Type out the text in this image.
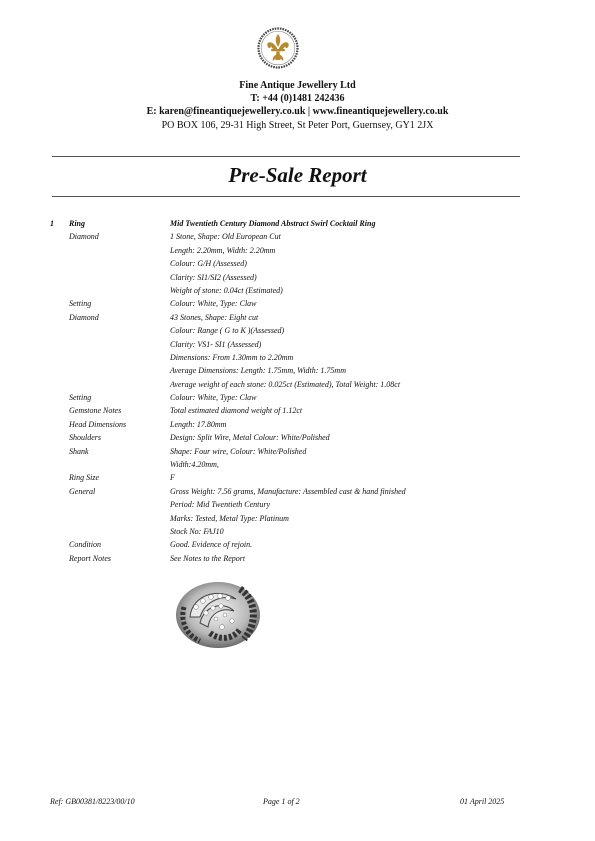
Fine Antique Jewellery Ltd
T: +44 (0)1481 242436
E: karen@fineantiquejewellery.co.uk | www.fineantiquejewellery.co.uk
PO BOX 106, 29-31 High Street, St Peter Port, Guernsey, GY1 2JX
Pre-Sale Report
1 Ring	Mid Twentieth Century Diamond Abstract Swirl Cocktail Ring
Diamond	1 Stone, Shape: Old European Cut
Length: 2.20mm, Width: 2.20mm
Colour: G/H (Assessed)
Clarity: SI1/SI2 (Assessed)
Weight of stone: 0.04ct (Estimated)
Setting	Colour: White, Type: Claw
Diamond	43 Stones, Shape: Eight cut
Colour: Range ( G to K )(Assessed)
Clarity: VS1- SI1 (Assessed)
Dimensions: From 1.30mm to 2.20mm
Average Dimensions: Length: 1.75mm, Width: 1.75mm
Average weight of each stone: 0.025ct (Estimated), Total Weight: 1.08ct
Setting	Colour: White, Type: Claw
Gemstone Notes	Total estimated diamond weight of 1.12ct
Head Dimensions	Length: 17.80mm
Shoulders	Design: Split Wire, Metal Colour: White/Polished
Shank	Shape: Four wire, Colour: White/Polished
Width:4.20mm,
Ring Size	F
General	Gross Weight: 7.56 grams, Manufacture: Assembled cast & hand finished
Period: Mid Twentieth Century
Marks: Tested, Metal Type: Platinum
Stock No: FAJ10
Condition	Good. Evidence of rejoin.
Report Notes	See Notes to the Report
Ref: GB00381/8223/00/10	Page 1 of 2	01 April 2025
